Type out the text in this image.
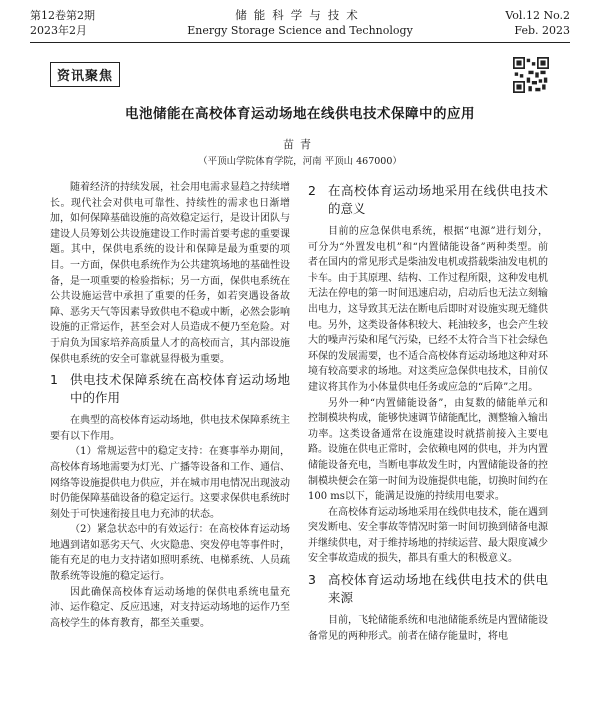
第12卷第2期
2023年2月
储能科学与技术
Energy Storage Science and Technology
Vol.12 No.2
Feb. 2023
资讯聚焦
电池储能在高校体育运动场地在线供电技术保障中的应用
苗青
（平顶山学院体育学院，河南 平顶山 467000）

随着经济的持续发展，社会用电需求显趋之持续增长。现代社会对供电可靠性、持续性的需求也日渐增加，如何保障基础设施的高效稳定运行，是设计团队与建设人员筹划公共设施建设工作时需首要考虑的重要课题。其中，保供电系统的设计和保障是最为重要的项目。一方面，保供电系统作为公共建筑场地的基础性设备，是一项重要的检验指标；另一方面，保供电系统在公共设施运营中承担了重要的任务，如若突遇设备故障、恶劣天气等因素导致供电不稳或中断，必然会影响设施的正常运作，甚至会对人员造成不便乃至危险。对于肩负为国家培养高质量人才的高校而言，其内部设施保供电系统的安全可靠就显得极为重要。

1 供电技术保障系统在高校体育运动场地中的作用

在典型的高校体育运动场地，供电技术保障系统主要有以下作用。

（1）常规运营中的稳定支持：在赛事举办期间，高校体育场地需要为灯光、广播等设备和工作、通信、网络等设施提供电力供应，并在城市用电情况出现波动时仍能保障基础设备的稳定运行。这要求保供电系统时刻处于可快速衔接且电力充沛的状态。

（2）紧急状态中的有效运行：在高校体育运动场地遇到诸如恶劣天气、火灾隐患、突发停电等事件时，能有充足的电力支持诸如照明系统、电梯系统、人员疏散系统等设施的稳定运行。

因此确保高校体育运动场地的保供电系统电量充沛、运作稳定、反应迅速，对支持运动场地的运作乃至高校学生的体育教育，都至关重要。

2 在高校体育运动场地采用在线供电技术的意义

目前的应急保供电系统，根据“电源”进行划分，可分为“外置发电机”和“内置储能设备”两种类型。前者在国内的常见形式是柴油发电机或搭载柴油发电机的卡车。由于其原理、结构、工作过程所限，这种发电机无法在停电的第一时间迅速启动，启动后也无法立刻输出电力，这导致其无法在断电后即时对设施实现无缝供电。另外，这类设备体积较大、耗油较多，也会产生较大的噪声污染和尾气污染，已经不太符合当下社会绿色环保的发展需要，也不适合高校体育运动场地这种对环境有较高要求的场地。对这类应急保供电技术，目前仅建议将其作为小体量供电任务或应急的“后障”之用。

另外一种“内置储能设备”，由复数的储能单元和控制模块构成，能够快速调节储能配比，测整输入输出功率。这类设备通常在设施建设时就搭前接入主要电路。设施在供电正常时，会依赖电网的供电，并为内置储能设备充电，当断电事故发生时，内置储能设备的控制模块便会在第一时间为设施提供电能，切换时间约在100 ms以下，能满足设施的持续用电要求。

在高校体育运动场地采用在线供电技术，能在遇到突发断电、安全事故等情况时第一时间切换到储备电源并继续供电，对于维持场地的持续运营、最大限度减少安全事故造成的损失，都具有重大的积极意义。

3 高校体育运动场地在线供电技术的供电来源

目前，飞轮储能系统和电池储能系统是内置储能设备常见的两种形式。前者在储存能量时，将电
